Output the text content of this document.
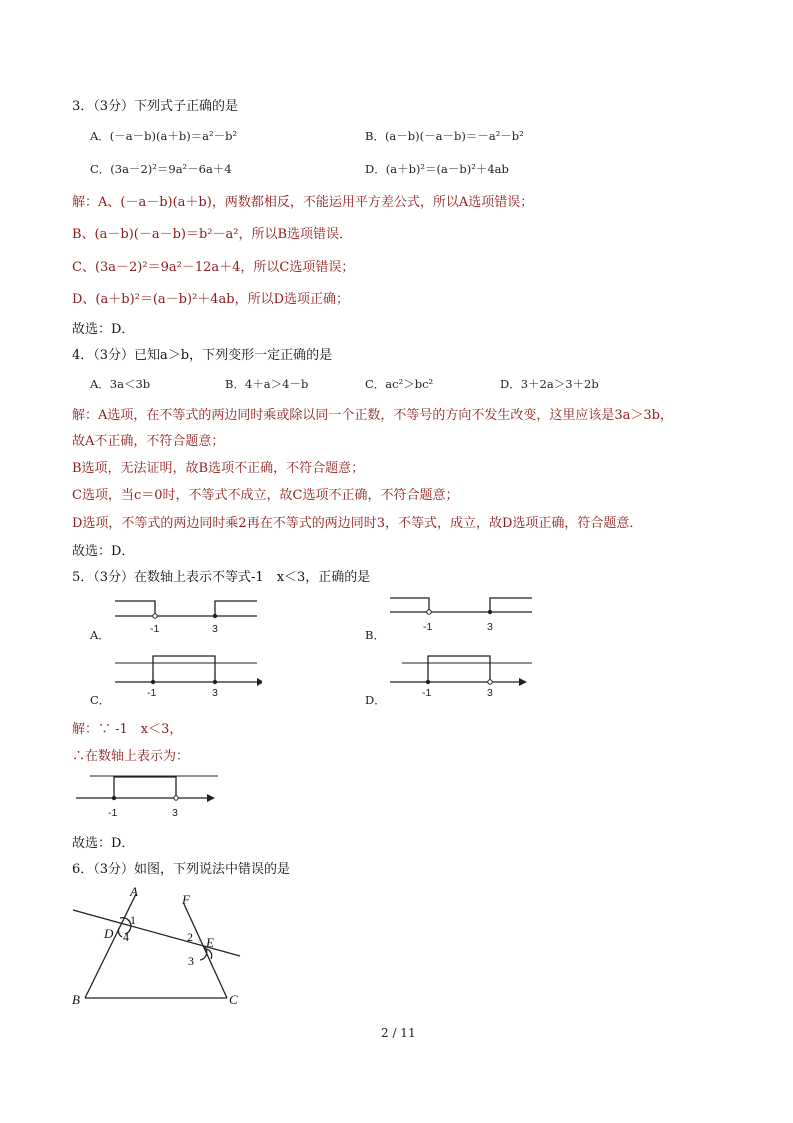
3．（3分）下列式子正确的是
A．(－a－b)(a＋b)＝a²－b²	B．(a－b)(－a－b)＝－a²－b²
C．(3a－2)²＝9a²－6a＋4	D．(a＋b)²＝(a－b)²＋4ab
解：A、(－a－b)(a＋b)，两数都相反，不能运用平方差公式，所以A选项错误；
B、(a－b)(－a－b)＝b²－a²，所以B选项错误．
C、(3a－2)²＝9a²－12a＋4，所以C选项错误；
D、(a＋b)²＝(a－b)²＋4ab，所以D选项正确；
故选：D．
4．（3分）已知a＞b，下列变形一定正确的是
A．3a＜3b	B．4＋a＞4－b	C．ac²＞bc²	D．3＋2a＞3＋2b
解：A选项，在不等式的两边同时乘或除以同一个正数，不等号的方向不发生改变，这里应该是3a＞3b，
故A不正确，不符合题意；
B选项，无法证明，故B选项不正确，不符合题意；
C选项，当c＝0时，不等式不成立，故C选项不正确，不符合题意；
D选项，不等式的两边同时乘2再在不等式的两边同时3，不等式，成立，故D选项正确，符合题意．
故选：D．
5．（3分）在数轴上表示不等式-1　x＜3，正确的是
A．	-1	3	B．
-1	3
C．	-1	3	D．	-1	3
解：∵ -1　x＜3，
∴在数轴上表示为：
-1	3
故选：D．
6．（3分）如图，下列说法中错误的是
A
F
D
E
B	C
1
4	2
3
2 / 11
